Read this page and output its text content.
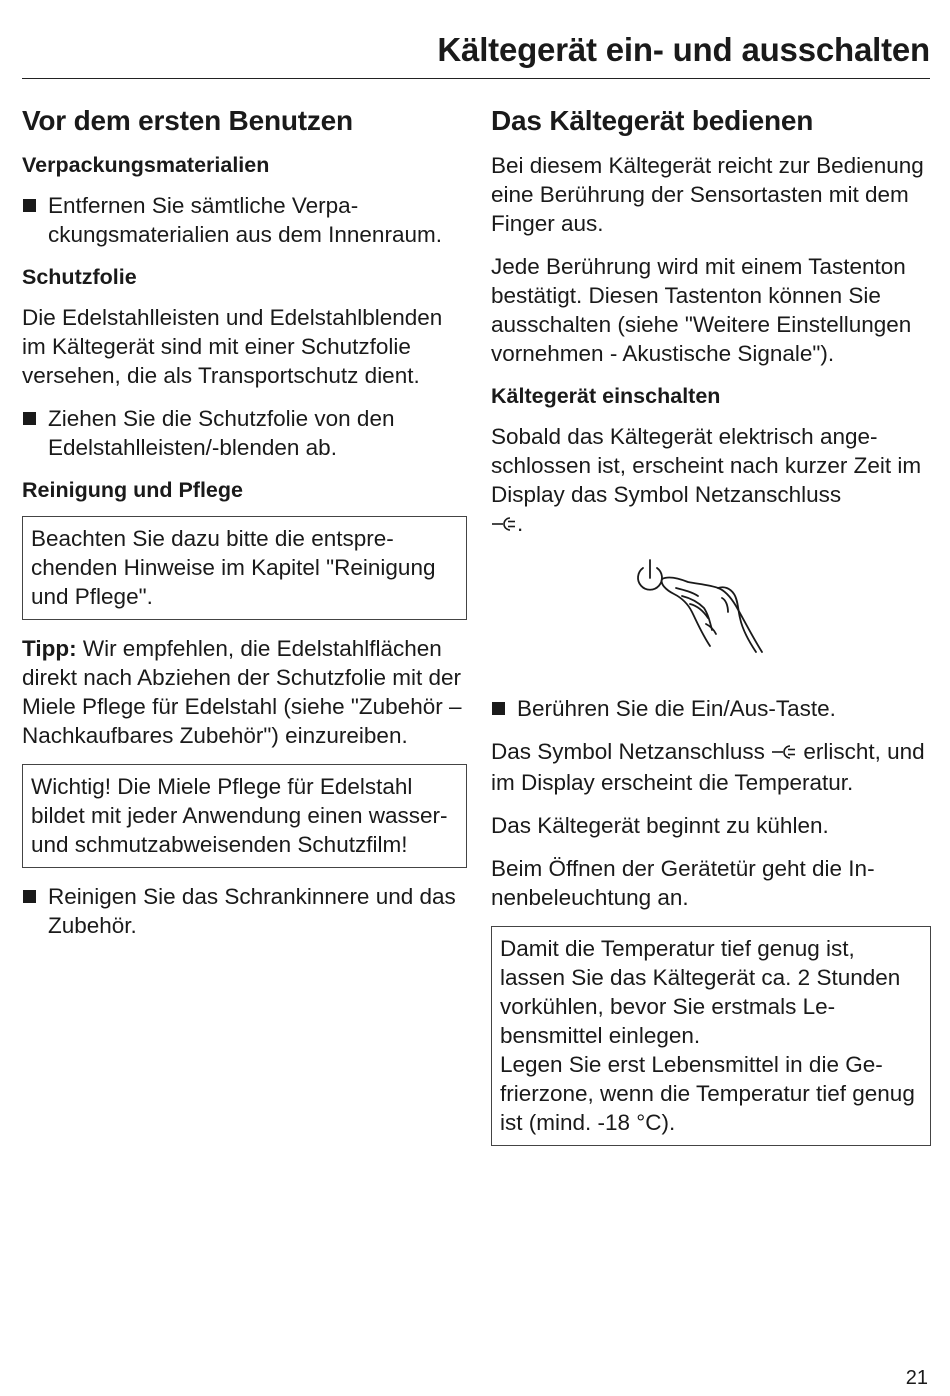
Kältegerät ein- und ausschalten
Vor dem ersten Benutzen
Verpackungsmaterialien
Entfernen Sie sämtliche Verpackungsmaterialien aus dem Innenraum.
Schutzfolie

Die Edelstahlleisten und Edelstahlblenden im Kältegerät sind mit einer Schutzfolie versehen, die als Transportschutz dient.

Ziehen Sie die Schutzfolie von den Edelstahlleisten/-blenden ab.
Reinigung und Pflege

Beachten Sie dazu bitte die entsprechenden Hinweise im Kapitel "Reinigung und Pflege".

Tipp: Wir empfehlen, die Edelstahlflächen direkt nach Abziehen der Schutzfolie mit der Miele Pflege für Edelstahl (siehe "Zubehör – Nachkaufbares Zubehör") einzureiben.

Wichtig! Die Miele Pflege für Edelstahl bildet mit jeder Anwendung einen wasser- und schmutzabweisenden Schutzfilm!

Reinigen Sie das Schrankinnere und das Zubehör.
Das Kältegerät bedienen

Bei diesem Kältegerät reicht zur Bedienung eine Berührung der Sensortasten mit dem Finger aus.

Jede Berührung wird mit einem Tastenton bestätigt. Diesen Tastenton können Sie ausschalten (siehe "Weitere Einstellungen vornehmen - Akustische Signale").

Kältegerät einschalten

Sobald das Kältegerät elektrisch angeschlossen ist, erscheint nach kurzer Zeit im Display das Symbol Netzanschluss
.

Berühren Sie die Ein/Aus-Taste.

Das Symbol Netzanschluss  erlischt, und im Display erscheint die Temperatur.

Das Kältegerät beginnt zu kühlen.

Beim Öffnen der Gerätetür geht die Innenbeleuchtung an.

Damit die Temperatur tief genug ist, lassen Sie das Kältegerät ca. 2 Stunden vorkühlen, bevor Sie erstmals Lebensmittel einlegen.

Legen Sie erst Lebensmittel in die Gefrierzone, wenn die Temperatur tief genug ist (mind. -18 °C).

21
